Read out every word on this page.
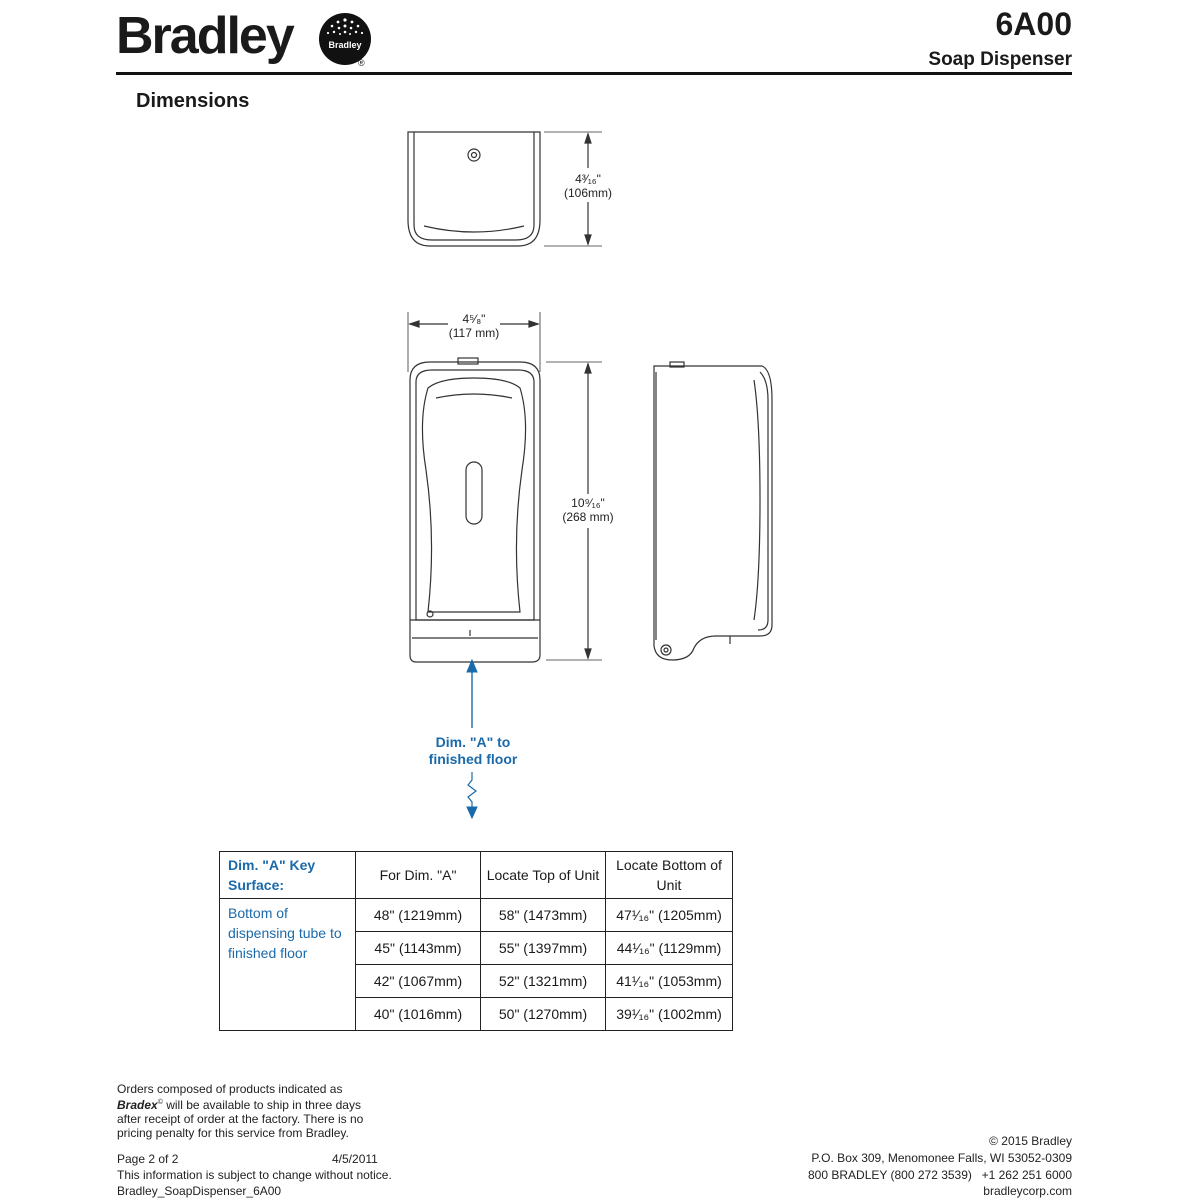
Bradley	Bradley
®
6A00
Soap Dispenser
Dimensions
4³⁄₁₆"
(106mm)
4⁵⁄₈"
(117 mm)
10⁹⁄₁₆"
(268 mm)
Dim. "A" to
finished floor
Dim. "A" Key Surface:	For Dim. "A"	Locate Top of Unit	Locate Bottom of Unit
Bottom of dispensing tube to finished floor	48" (1219mm)	58" (1473mm)	47¹⁄₁₆" (1205mm)
	45" (1143mm)	55" (1397mm)	44¹⁄₁₆" (1129mm)
	42" (1067mm)	52" (1321mm)	41¹⁄₁₆" (1053mm)
	40" (1016mm)	50" (1270mm)	39¹⁄₁₆" (1002mm)
Orders composed of products indicated as Bradex© will be available to ship in three days after receipt of order at the factory. There is no pricing penalty for this service from Bradley.
Page 2 of 2	4/5/2011
This information is subject to change without notice.
Bradley_SoapDispenser_6A00
© 2015 Bradley
P.O. Box 309, Menomonee Falls, WI 53052-0309
800 BRADLEY (800 272 3539) +1 262 251 6000
bradleycorp.com
